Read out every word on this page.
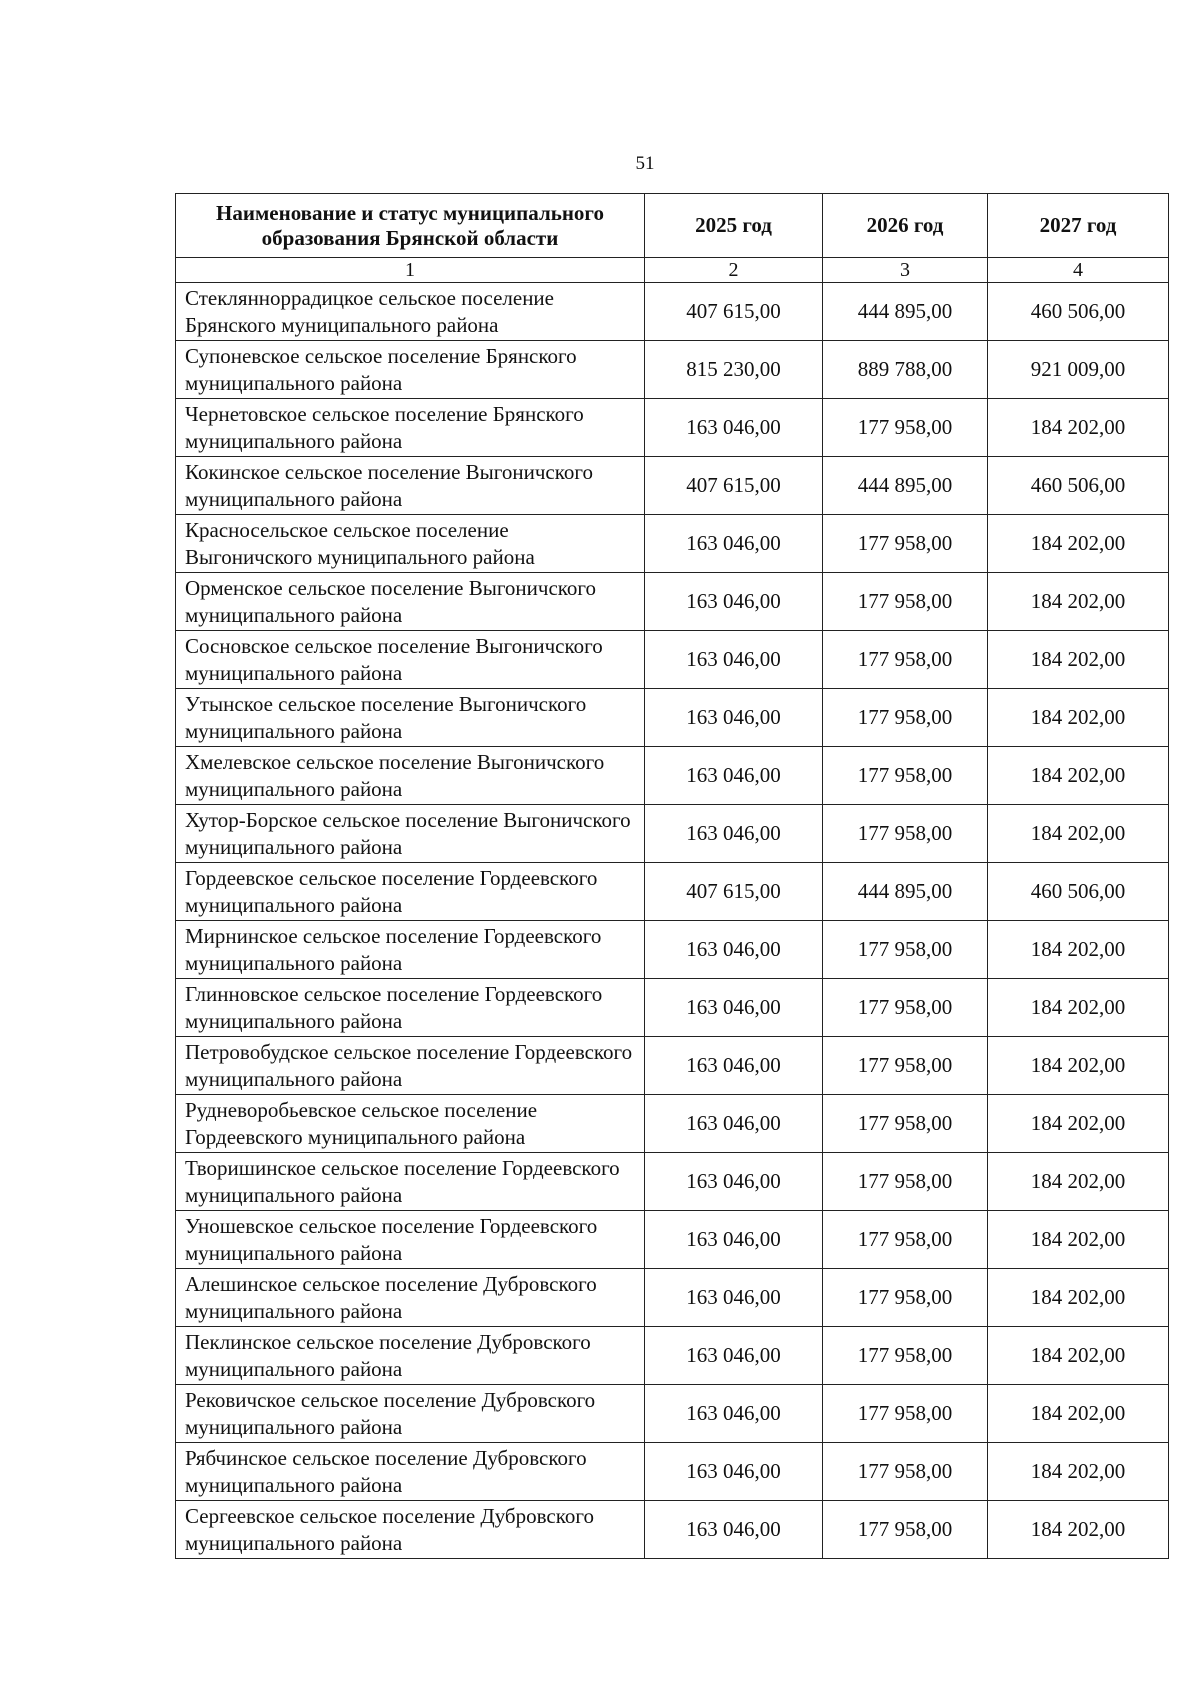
51
Наименование и статус муниципального образования Брянской области	2025 год	2026 год	2027 год
1	2	3	4
Стеклянноррадицкое сельское поселение Брянского муниципального района	407 615,00	444 895,00	460 506,00
Супоневское сельское поселение Брянского муниципального района	815 230,00	889 788,00	921 009,00
Чернетовское сельское поселение Брянского муниципального района	163 046,00	177 958,00	184 202,00
Кокинское сельское поселение Выгоничского муниципального района	407 615,00	444 895,00	460 506,00
Красносельское сельское поселение Выгоничского муниципального района	163 046,00	177 958,00	184 202,00
Орменское сельское поселение Выгоничского муниципального района	163 046,00	177 958,00	184 202,00
Сосновское сельское поселение Выгоничского муниципального района	163 046,00	177 958,00	184 202,00
Утынское сельское поселение Выгоничского муниципального района	163 046,00	177 958,00	184 202,00
Хмелевское сельское поселение Выгоничского муниципального района	163 046,00	177 958,00	184 202,00
Хутор-Борское сельское поселение Выгоничского муниципального района	163 046,00	177 958,00	184 202,00
Гордеевское сельское поселение Гордеевского муниципального района	407 615,00	444 895,00	460 506,00
Мирнинское сельское поселение Гордеевского муниципального района	163 046,00	177 958,00	184 202,00
Глинновское сельское поселение Гордеевского муниципального района	163 046,00	177 958,00	184 202,00
Петровобудское сельское поселение Гордеевского муниципального района	163 046,00	177 958,00	184 202,00
Рудневоробьевское сельское поселение Гордеевского муниципального района	163 046,00	177 958,00	184 202,00
Творишинское сельское поселение Гордеевского муниципального района	163 046,00	177 958,00	184 202,00
Уношевское сельское поселение Гордеевского муниципального района	163 046,00	177 958,00	184 202,00
Алешинское сельское поселение Дубровского муниципального района	163 046,00	177 958,00	184 202,00
Пеклинское сельское поселение Дубровского муниципального района	163 046,00	177 958,00	184 202,00
Рековичское сельское поселение Дубровского муниципального района	163 046,00	177 958,00	184 202,00
Рябчинское сельское поселение Дубровского муниципального района	163 046,00	177 958,00	184 202,00
Сергеевское сельское поселение Дубровского муниципального района	163 046,00	177 958,00	184 202,00
